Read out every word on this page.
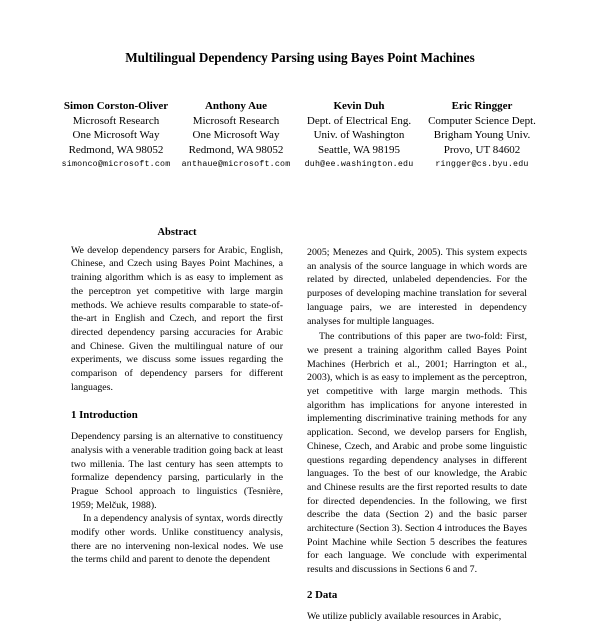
Multilingual Dependency Parsing using Bayes Point Machines
Simon Corston-Oliver
Microsoft Research
One Microsoft Way
Redmond, WA 98052
simonco@microsoft.com
Anthony Aue
Microsoft Research
One Microsoft Way
Redmond, WA 98052
anthaue@microsoft.com
Kevin Duh
Dept. of Electrical Eng.
Univ. of Washington
Seattle, WA 98195
duh@ee.washington.edu
Eric Ringger
Computer Science Dept.
Brigham Young Univ.
Provo, UT 84602
ringger@cs.byu.edu
Abstract

We develop dependency parsers for Arabic, English, Chinese, and Czech using Bayes Point Machines, a training algorithm which is as easy to implement as the perceptron yet competitive with large margin methods. We achieve results comparable to state-of-the-art in English and Czech, and report the first directed dependency parsing accuracies for Arabic and Chinese. Given the multilingual nature of our experiments, we discuss some issues regarding the comparison of dependency parsers for different languages.

1 Introduction

Dependency parsing is an alternative to constituency analysis with a venerable tradition going back at least two millenia. The last century has seen attempts to formalize dependency parsing, particularly in the Prague School approach to linguistics (Tesnière, 1959; Melčuk, 1988).

In a dependency analysis of syntax, words directly modify other words. Unlike constituency analysis, there are no intervening non-lexical nodes. We use the terms child and parent to denote the dependent

2005; Menezes and Quirk, 2005). This system expects an analysis of the source language in which words are related by directed, unlabeled dependencies. For the purposes of developing machine translation for several language pairs, we are interested in dependency analyses for multiple languages.

The contributions of this paper are two-fold: First, we present a training algorithm called Bayes Point Machines (Herbrich et al., 2001; Harrington et al., 2003), which is as easy to implement as the perceptron, yet competitive with large margin methods. This algorithm has implications for anyone interested in implementing discriminative training methods for any application. Second, we develop parsers for English, Chinese, Czech, and Arabic and probe some linguistic questions regarding dependency analyses in different languages. To the best of our knowledge, the Arabic and Chinese results are the first reported results to date for directed dependencies. In the following, we first describe the data (Section 2) and the basic parser architecture (Section 3). Section 4 introduces the Bayes Point Machine while Section 5 describes the features for each language. We conclude with experimental results and discussions in Sections 6 and 7.

2 Data

We utilize publicly available resources in Arabic,
